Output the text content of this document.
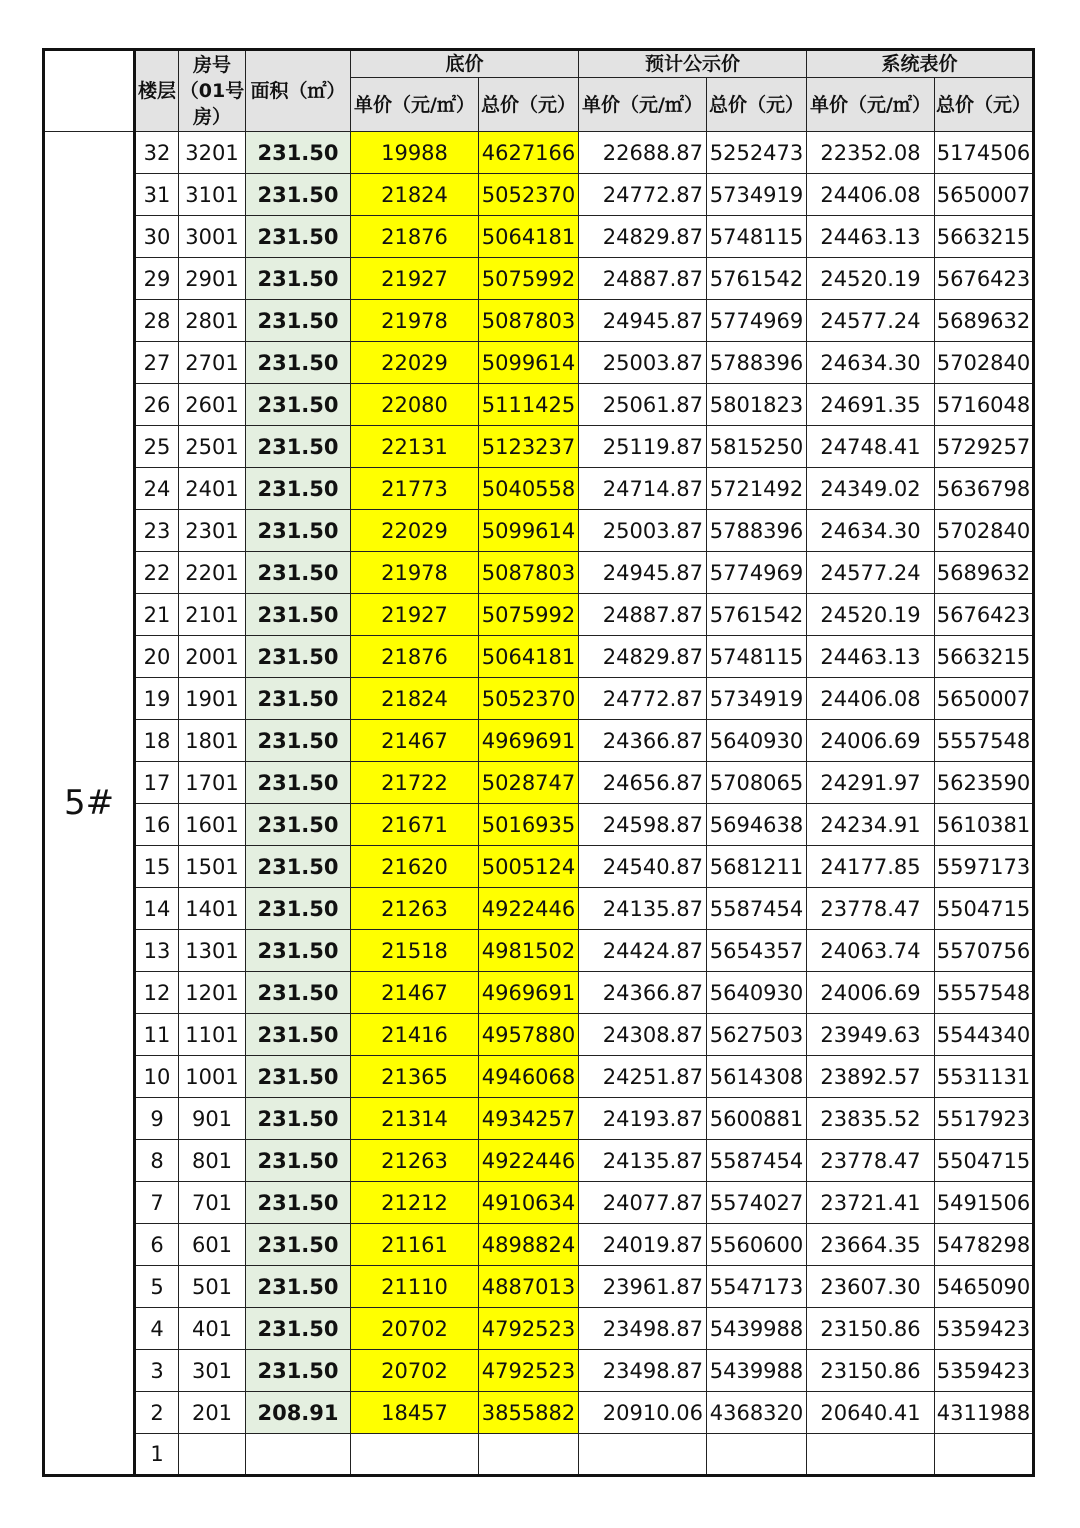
	楼层	房号（01号房）	面积（㎡）	底价		预计公示价		系统表价	
				单价（元/㎡）	总价（元）	单价（元/㎡）	总价（元）	单价（元/㎡）	总价（元）
5#	32	3201	231.50	19988	4627166	22688.87	5252473	22352.08	5174506
	31	3101	231.50	21824	5052370	24772.87	5734919	24406.08	5650007
	30	3001	231.50	21876	5064181	24829.87	5748115	24463.13	5663215
	29	2901	231.50	21927	5075992	24887.87	5761542	24520.19	5676423
	28	2801	231.50	21978	5087803	24945.87	5774969	24577.24	5689632
	27	2701	231.50	22029	5099614	25003.87	5788396	24634.30	5702840
	26	2601	231.50	22080	5111425	25061.87	5801823	24691.35	5716048
	25	2501	231.50	22131	5123237	25119.87	5815250	24748.41	5729257
	24	2401	231.50	21773	5040558	24714.87	5721492	24349.02	5636798
	23	2301	231.50	22029	5099614	25003.87	5788396	24634.30	5702840
	22	2201	231.50	21978	5087803	24945.87	5774969	24577.24	5689632
	21	2101	231.50	21927	5075992	24887.87	5761542	24520.19	5676423
	20	2001	231.50	21876	5064181	24829.87	5748115	24463.13	5663215
	19	1901	231.50	21824	5052370	24772.87	5734919	24406.08	5650007
	18	1801	231.50	21467	4969691	24366.87	5640930	24006.69	5557548
	17	1701	231.50	21722	5028747	24656.87	5708065	24291.97	5623590
	16	1601	231.50	21671	5016935	24598.87	5694638	24234.91	5610381
	15	1501	231.50	21620	5005124	24540.87	5681211	24177.85	5597173
	14	1401	231.50	21263	4922446	24135.87	5587454	23778.47	5504715
	13	1301	231.50	21518	4981502	24424.87	5654357	24063.74	5570756
	12	1201	231.50	21467	4969691	24366.87	5640930	24006.69	5557548
	11	1101	231.50	21416	4957880	24308.87	5627503	23949.63	5544340
	10	1001	231.50	21365	4946068	24251.87	5614308	23892.57	5531131
	9	901	231.50	21314	4934257	24193.87	5600881	23835.52	5517923
	8	801	231.50	21263	4922446	24135.87	5587454	23778.47	5504715
	7	701	231.50	21212	4910634	24077.87	5574027	23721.41	5491506
	6	601	231.50	21161	4898824	24019.87	5560600	23664.35	5478298
	5	501	231.50	21110	4887013	23961.87	5547173	23607.30	5465090
	4	401	231.50	20702	4792523	23498.87	5439988	23150.86	5359423
	3	301	231.50	20702	4792523	23498.87	5439988	23150.86	5359423
	2	201	208.91	18457	3855882	20910.06	4368320	20640.41	4311988
	1								
